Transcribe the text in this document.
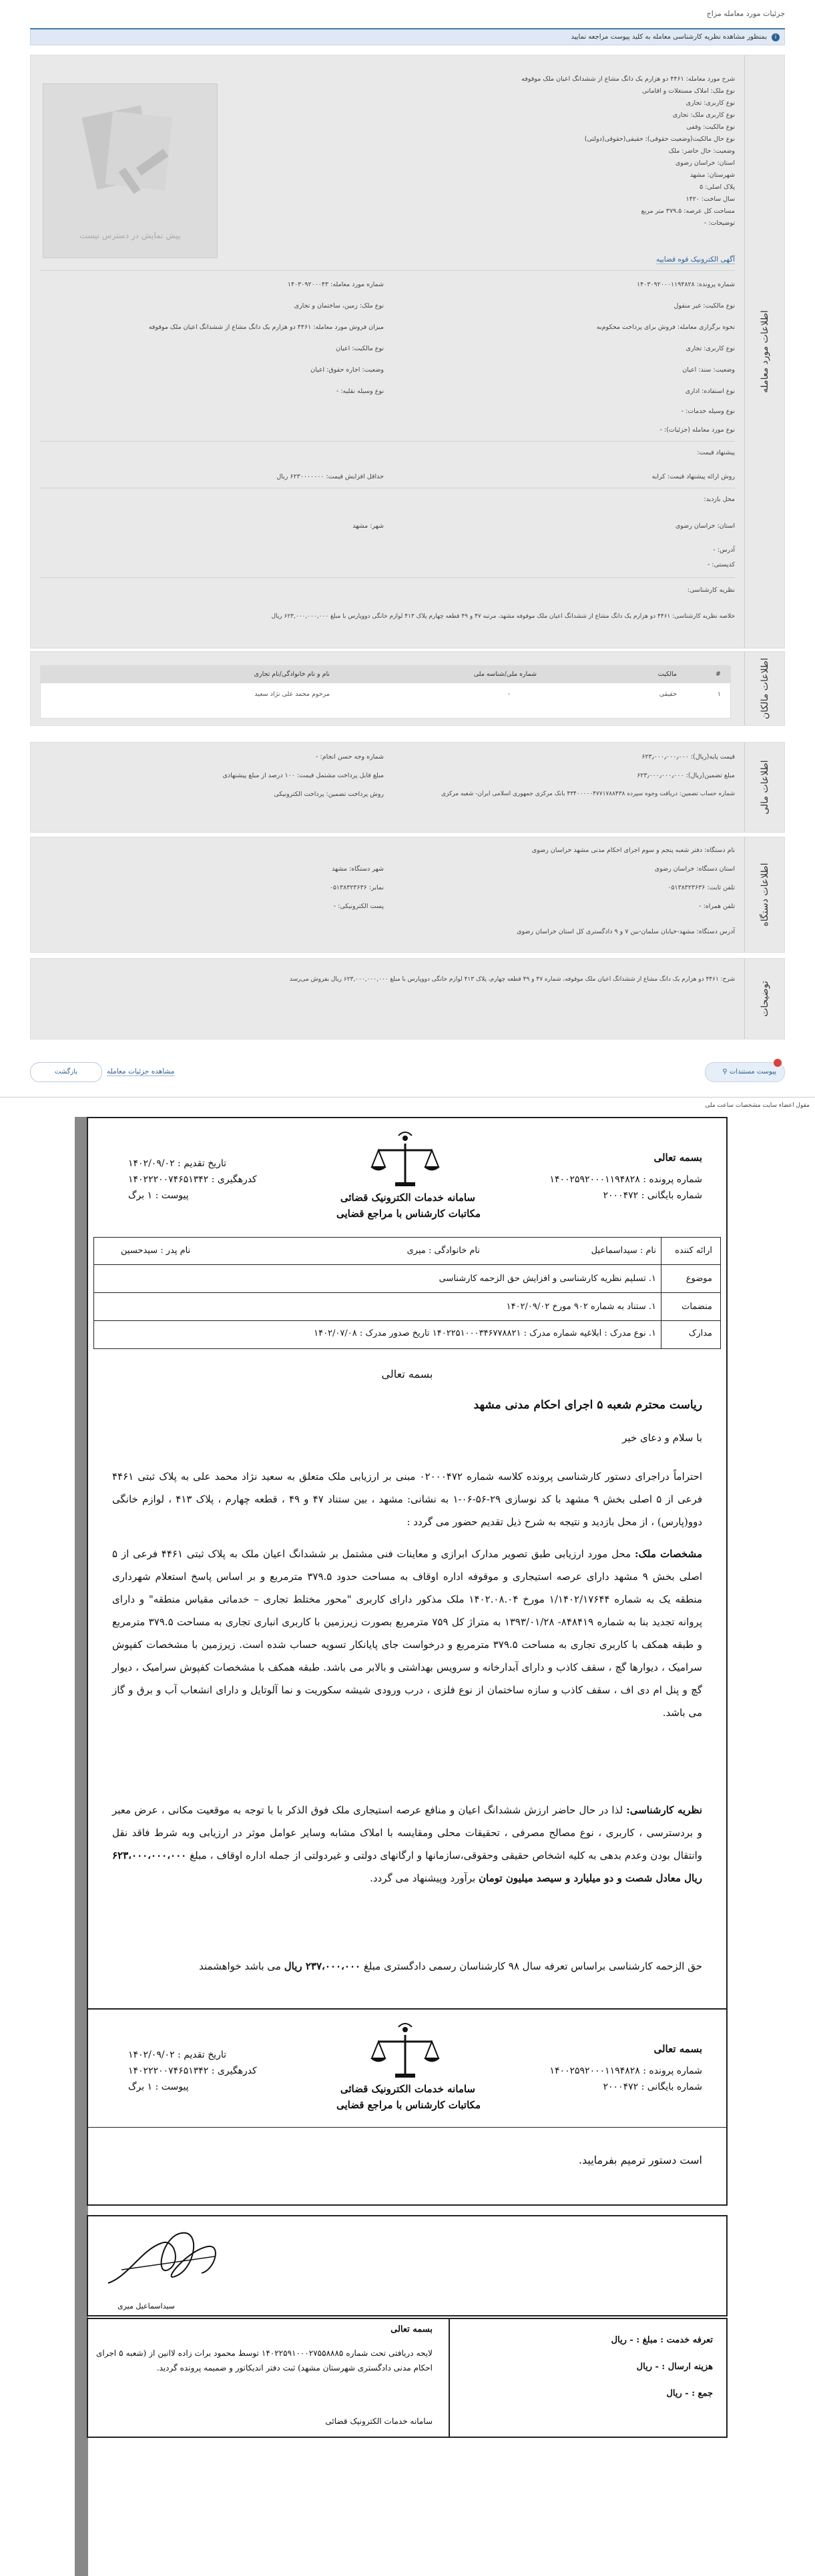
جزئیات مورد معامله مزاج
i
بمنظور مشاهده نظریه کارشناسی معامله به کلید پیوست مراجعه نمایید
اطلاعات مورد معامله
شرح مورد معامله: ۴۴۶۱ دو هزارم یک دانگ مشاع از ششدانگ اعیان ملک موقوفه
نوع ملک: املاک مستغلات و اقاماتی
نوع کاربری: تجاری
نوع کاربری ملک: تجاری
نوع مالکیت: وقفی
نوع حال مالکیت(وضعیت حقوقی): حقیقی(حقوقی(دولتی)
وضعیت: حال حاضر: ملک
استان: خراسان رضوی
شهرستان: مشهد
پلاک اصلی: ۵
سال ساخت: ۱۴۲۰
مساحت کل عرصه: ۳۷۹.۵ متر مربع
توضیحات: -
پیش نمایش در دسترس نیست
آگهی الکترونیک قوه قضاییه
شماره پرونده: ۱۴۰۳۰۹۲۰۰۰۱۱۹۴۸۲۸
شماره مورد معامله: ۱۴۰۳۰۹۲۰۰۰۴۳
نوع مالکیت: غیر منقول
نوع ملک: زمین، ساختمان و تجاری
نحوه برگزاری معامله: فروش برای پرداخت محکوم‌به
میزان فروش مورد معامله: ۴۴۶۱ دو هزارم یک دانگ مشاع از ششدانگ اعیان ملک موقوفه
نوع کاربری: تجاری
نوع مالکیت: اعیان
وضعیت: سند: اعیان
وضعیت: اجاره حقوق: اعیان
نوع استفاده: اداری
نوع وسیله نقلیه: -
نوع وسیله خدمات: -
نوع مورد معامله (جزئیات): -
پیشنهاد قیمت:
روش ارائه پیشنهاد قیمت: کرایه
حداقل افزایش قیمت: ۶۲۳۰۰۰۰۰۰۰ ریال
محل بازدید:
استان: خراسان رضوی
شهر: مشهد
آدرس: -
کدپستی: -
نظریه کارشناسی:
خلاصه نظریه کارشناسی: ۴۴۶۱ دو هزارم یک دانگ مشاع از ششدانگ اعیان ملک موقوفه مشهد، مرتبه ۴۷ و ۴۹ قطعه چهارم پلاک ۴۱۳ لوازم خانگی دووپارس با مبلغ ۶۲۳,۰۰۰,۰۰۰,۰۰۰ ریال
اطلاعات مالکان
#
مالکیت
شماره ملی/شناسه ملی
نام و نام خانوادگی/نام تجاری
۱
حقیقی
-
مرحوم محمد علی نژاد سعید
اطلاعات مالی
قیمت پایه(ریال): ۶۲۳٫۰۰۰٫۰۰۰٫۰۰۰
شماره وجه حسن انجام: -
مبلغ تضمین(ریال): ۶۲۳٫۰۰۰٫۰۰۰٫۰۰۰
مبلغ قابل پرداخت مشتمل قیمت: ۱۰۰ درصد از مبلغ پیشنهادی
شماره حساب تضمین: دریافت وجوه سپرده ۴۳۴۰۰۰۰۰۴۷۷۱۷۸۸۴۳۸ بانک مرکزی جمهوری اسلامی ایران- شعبه مرکزی
روش پرداخت تضمین: پرداخت الکترونیکی
اطلاعات دستگاه
نام دستگاه: دفتر شعبه پنجم و سوم اجرای احکام مدنی مشهد خراسان رضوی
استان دستگاه: خراسان رضوی
شهر دستگاه: مشهد
تلفن ثابت: ۰۵۱۳۸۳۲۳۶۳۶
نمابر: ۰۵۱۳۸۳۲۳۶۳۶
تلفن همراه: -
پست الکترونیکی: -
آدرس دستگاه: مشهد-خیابان سلمان-بین ۷ و ۹ دادگستری کل استان خراسان رضوی
توضیحات
شرح: ۴۴۶۱ دو هزارم یک دانگ مشاع از ششدانگ اعیان ملک موقوفه، شماره ۴۷ و ۴۹ قطعه چهارم، پلاک ۴۱۳ لوازم خانگی دووپارس با مبلغ ۶۲۳,۰۰۰,۰۰۰,۰۰۰ ریال بفروش می‌رسد
پیوست مستندات ⚲
بازگشت	مشاهده جزئیات معامله
مقول اعضاء سایت مشخصات ساعت ملی
بسمه تعالی
شماره پرونده : ۱۴۰۰۲۵۹۲۰۰۰۱۱۹۴۸۲۸
شماره بایگانی : ۲۰۰۰۴۷۲
سامانه خدمات الکترونیک قضائی
مکاتبات کارشناس با مراجع قضایی
تاریخ تقدیم : ۱۴۰۲/۰۹/۰۲
کدرهگیری : ۱۴۰۲۲۲۰۰۷۴۶۵۱۳۴۲
پیوست : ۱ برگ
ارائه کننده
نام : سیداسماعیل
نام خانوادگی : میری
نام پدر : سیدحسین
موضوع
۱. تسلیم نظریه کارشناسی و افزایش حق الزحمه کارشناسی
منضمات
۱. ستناد به شماره ۹۰۲ مورخ ۱۴۰۲/۰۹/۰۲
مدارک
۱. نوع مدرک : ابلاغیه شماره مدرک : ۱۴۰۲۲۵۱۰۰۰۳۴۶۷۷۸۸۲۱ تاریخ صدور مدرک : ۱۴۰۲/۰۷/۰۸
بسمه تعالی
ریاست محترم شعبه ۵ اجرای احکام مدنی مشهد
با سلام و دعای خیر
احتراماً دراجرای دستور کارشناسی پرونده کلاسه شماره ۰۲۰۰۰۴۷۲ مبنی بر ارزیابی ملک متعلق به سعید نژاد محمد علی به پلاک ثبتی ۴۴۶۱ فرعی از ۵ اصلی بخش ۹ مشهد با کد نوسازی ۲۹-۵۶-۰۶-۱ به نشانی: مشهد ، بین ستناد ۴۷ و ۴۹ ، قطعه چهارم ، پلاک ۴۱۳ ، لوازم خانگی دوو(پارس) ، از محل بازدید و نتیجه به شرح ذیل تقدیم حضور می گردد :
مشخصات ملک: محل مورد ارزیابی طبق تصویر مدارک ابرازی و معاینات فنی مشتمل بر ششدانگ اعیان ملک به پلاک ثبتی ۴۴۶۱ فرعی از ۵ اصلی بخش ۹ مشهد دارای عرصه استیجاری و موقوفه اداره اوقاف به مساحت حدود ۳۷۹.۵ مترمربع و بر اساس پاسخ استعلام شهرداری منطقه یک به شماره ۱/۱۴۰۲/۱۷۶۴۴ مورخ ۱۴۰۲.۰۸.۰۴ ملک مذکور دارای کاربری "محور مختلط تجاری – خدماتی مقیاس منطقه" و دارای پروانه تجدید بنا به شماره ۸۴۸۴۱۹- ۱۳۹۳/۰۱/۲۸ به متراژ کل ۷۵۹ مترمربع بصورت زیرزمین با کاربری انباری تجاری به مساحت ۳۷۹.۵ مترمربع و طبقه همکف با کاربری تجاری به مساحت ۳۷۹.۵ مترمربع و درخواست جای پایانکار تسویه حساب شده است. زیرزمین با مشخصات کفپوش سرامیک ، دیوارها گچ ، سقف کاذب و دارای آبدارخانه و سرویس بهداشتی و بالابر می باشد. طبقه همکف با مشخصات کفپوش سرامیک ، دیوار گچ و پنل ام دی اف ، سقف کاذب و سازه ساختمان از نوع فلزی ، درب ورودی شیشه سکوریت و نما آلوتایل و دارای انشعاب آب و برق و گاز می باشد.
نظریه کارشناسی: لذا در حال حاضر ارزش ششدانگ اعیان و منافع عرصه استیجاری ملک فوق الذکر با با توجه به موقعیت مکانی ، عرض معبر و بردسترسی ، کاربری ، نوع مصالح مصرفی ، تحقیقات محلی ومقایسه با املاک مشابه وسایر عوامل موثر در ارزیابی وبه شرط فاقد نقل وانتقال بودن وعدم بدهی به کلیه اشخاص حقیقی وحقوقی،سازمانها و ارگانهای دولتی و غیردولتی از جمله اداره اوقاف ، مبلغ ۶۲۳،۰۰۰،۰۰۰،۰۰۰ ریال معادل شصت و دو میلیارد و سیصد میلیون تومان برآورد وپیشنهاد می گردد.
حق الزحمه کارشناسی براساس تعرفه سال ۹۸ کارشناسان رسمی دادگستری مبلغ ۲۳۷،۰۰۰،۰۰۰ ریال می باشد خواهشمند
بسمه تعالی
شماره پرونده : ۱۴۰۰۲۵۹۲۰۰۰۱۱۹۴۸۲۸
شماره بایگانی : ۲۰۰۰۴۷۲
سامانه خدمات الکترونیک قضائی
مکاتبات کارشناس با مراجع قضایی
تاریخ تقدیم : ۱۴۰۲/۰۹/۰۲
کدرهگیری : ۱۴۰۲۲۲۰۰۷۴۶۵۱۳۴۲
پیوست : ۱ برگ
است دستور ترمیم بفرمایید.
سیداسماعیل میری
تعرفه خدمت : مبلغ : - ریال
هزینه ارسال : - ریال
جمع : - ریال
بسمه تعالی
لایحه دریافتی تحت شماره ۱۴۰۲۲۵۹۱۰۰۰۲۷۵۵۸۸۸۵ توسط محمود برات زاده لاانین از (شعبه ۵ اجرای احکام مدنی دادگستری شهرستان مشهد) ثبت دفتر اندیکاتور و ضمیمه پرونده گردید.
سامانه خدمات الکترونیک قضائی
